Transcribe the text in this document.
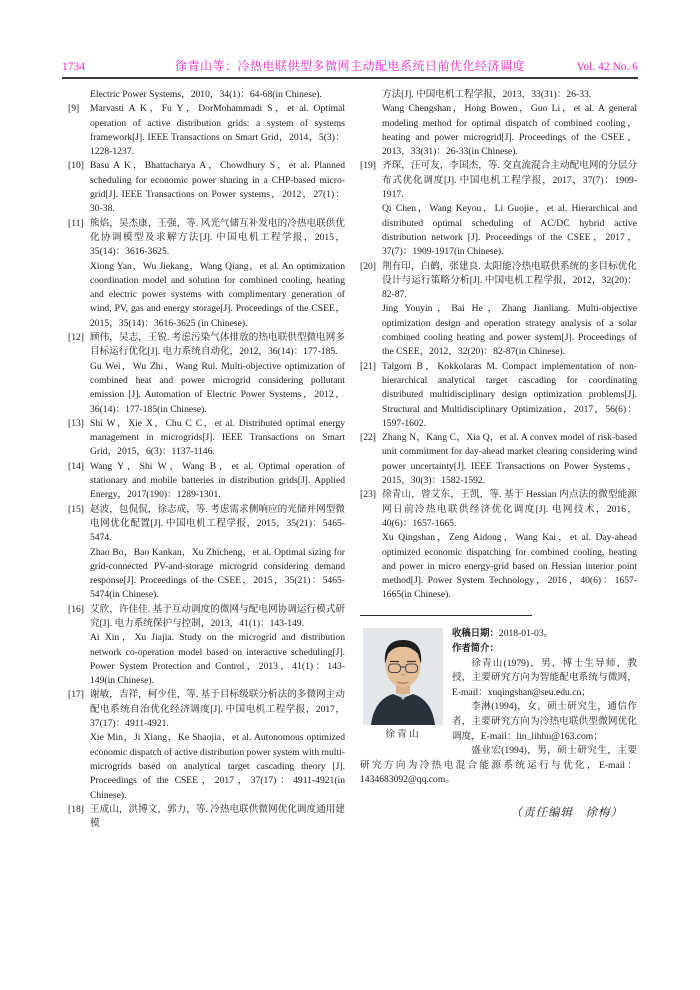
1734	徐青山等：冷热电联供型多微网主动配电系统日前优化经济调度	Vol. 42 No. 6
Electric Power Systems，2010，34(1)：64-68(in Chinese).
[9] Marvasti A K，Fu Y，DorMohammadi S，et al. Optimal operation of active distribution grids: a system of systems framework[J]. IEEE Transactions on Smart Grid，2014，5(3)：1228-1237.
[10] Basu A K，Bhattacharya A，Chowdhury S，et al. Planned scheduling for economic power sharing in a CHP-based micro-grid[J]. IEEE Transactions on Power systems，2012，27(1)：30-38.
[11] 熊焰，吴杰康，王强，等. 风光气储互补发电的冷热电联供优化协调模型及求解方法[J]. 中国电机工程学报，2015，35(14)：3616-3625.
Xiong Yan，Wu Jiekang，Wang Qiang，et al. An optimization coordination model and solution for combined cooling, heating and electric power systems with complimentary generation of wind, PV, gas and energy storage[J]. Proceedings of the CSEE，2015，35(14)：3616-3625 (in Chinese).
[12] 顾伟，吴志，王锐. 考虑污染气体排放的热电联供型微电网多目标运行优化[J]. 电力系统自动化，2012，36(14)：177-185.
Gu Wei，Wu Zhi，Wang Rui. Multi-objective optimization of combined heat and power microgrid considering pollutant emission [J]. Automation of Electric Power Systems，2012，36(14)：177-185(in Chinese).
[13] Shi W，Xie X，Chu C C，et al. Distributed optimal energy management in microgrids[J]. IEEE Transactions on Smart Grid，2015，6(3)：1137-1146.
[14] Wang Y，Shi W，Wang B，et al. Optimal operation of stationary and mobile batteries in distribution grids[J]. Applied Energy，2017(190)：1289-1301.
[15] 赵波，包侃侃，徐志成，等. 考虑需求侧响应的光储并网型微电网优化配置[J]. 中国电机工程学报，2015，35(21)：5465-5474.
Zhao Bo，Bao Kankan，Xu Zhicheng，et al. Optimal sizing for grid-connected PV-and-storage microgrid considering demand response[J]. Proceedings of the CSEE，2015，35(21)：5465-5474(in Chinese).
[16] 艾欣，许佳佳. 基于互动调度的微网与配电网协调运行模式研究[J]. 电力系统保护与控制，2013，41(1)：143-149.
Ai Xin，Xu Jiajia. Study on the microgrid and distribution network co-operation model based on interactive scheduling[J]. Power System Protection and Control，2013，41(1)：143-149(in Chinese).
[17] 谢敏，吉祥，柯少佳，等. 基于目标级联分析法的多微网主动配电系统自治优化经济调度[J]. 中国电机工程学报，2017，37(17)：4911-4921.
Xie Min，Ji Xiang，Ke Shaojia，et al. Autonomous optimized economic dispatch of active distribution power system with multi-microgrids based on analytical target cascading theory [J]. Proceedings of the CSEE，2017，37(17)：4911-4921(in Chinese).
[18] 王成山，洪博文，郭力，等. 冷热电联供微网优化调度通用建模
方法[J]. 中国电机工程学报，2013，33(31)：26-33.
Wang Chengshan，Hong Bowen，Guo Li，et al. A general modeling method for optimal dispatch of combined cooling，heating and power microgrid[J]. Proceedings of the CSEE，2013，33(31)：26-33(in Chinese).
[19] 齐琛，汪可友，李国杰，等. 交直流混合主动配电网的分层分布式优化调度[J]. 中国电机工程学报，2017，37(7)：1909-1917.
Qi Chen，Wang Keyou，Li Guojie，et al. Hierarchical and distributed optimal scheduling of AC/DC hybrid active distribution network [J]. Proceedings of the CSEE，2017，37(7)：1909-1917(in Chinese).
[20] 荆有印，白鹤，张建良. 太阳能冷热电联供系统的多目标优化设计与运行策略分析[J]. 中国电机工程学报，2012，32(20)：82-87.
Jing Youyin，Bai He，Zhang Jianliang. Multi-objective optimization design and operation strategy analysis of a solar combined cooling heating and power system[J]. Proceedings of the CSEE，2012，32(20)：82-87(in Chinese).
[21] Talgorn B，Kokkolaras M. Compact implementation of non-hierarchical analytical target cascading for coordinating distributed multidisciplinary design optimization problems[J]. Structural and Multidisciplinary Optimization，2017，56(6)：1597-1602.
[22] Zhang N，Kang C，Xia Q，et al. A convex model of risk-based unit commitment for day-ahead market clearing considering wind power uncertainty[J]. IEEE Transactions on Power Systems，2015，30(3)：1582-1592.
[23] 徐青山，曾艾东，王凯，等. 基于 Hessian 内点法的微型能源网日前冷热电联供经济优化调度[J]. 电网技术，2016，40(6)：1657-1665.
Xu Qingshan，Zeng Aidong，Wang Kai，et al. Day-ahead optimized economic dispatching for combined cooling, heating and power in micro energy-grid based on Hessian interior point method[J]. Power System Technology，2016，40(6)：1657-1665(in Chinese).
徐青山

收稿日期：2018-01-03。

作者简介：

徐青山(1979)，男，博士生导师，教授，主要研究方向为智能配电系统与微网，E-mail：xuqingshan@seu.edu.cn；

李淋(1994)，女，硕士研究生，通信作者，主要研究方向为冷热电联供型微网优化调度，E-mail：lin_lihhu@163.com；

盛业宏(1994)，男，硕士研究生，主要研究方向为冷热电混合能源系统运行与优化，E-mail：1434683092@qq.com。

（责任编辑　徐梅）
